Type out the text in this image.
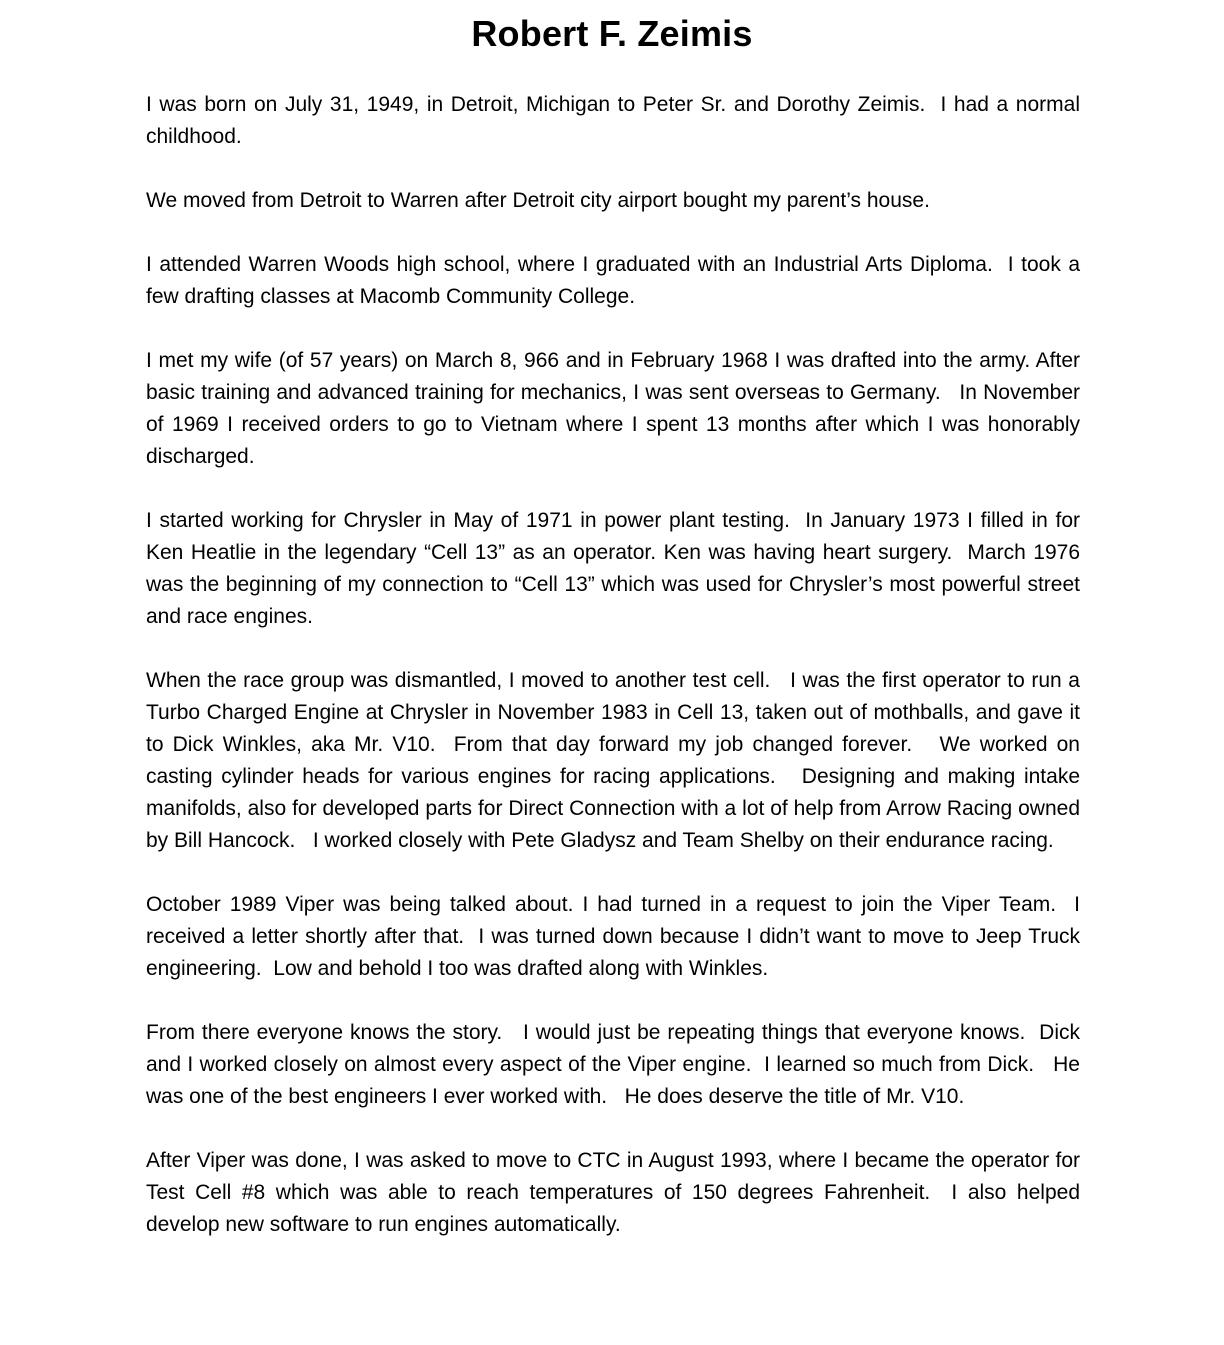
Robert F. Zeimis

I was born on July 31, 1949, in Detroit, Michigan to Peter Sr. and Dorothy Zeimis.  I had a normal childhood.

We moved from Detroit to Warren after Detroit city airport bought my parent’s house.

I attended Warren Woods high school, where I graduated with an Industrial Arts Diploma.  I took a few drafting classes at Macomb Community College.

I met my wife (of 57 years) on March 8, 966 and in February 1968 I was drafted into the army. After basic training and advanced training for mechanics, I was sent overseas to Germany.   In November of 1969 I received orders to go to Vietnam where I spent 13 months after which I was honorably discharged.

I started working for Chrysler in May of 1971 in power plant testing.  In January 1973 I filled in for Ken Heatlie in the legendary “Cell 13” as an operator. Ken was having heart surgery.  March 1976 was the beginning of my connection to “Cell 13” which was used for Chrysler’s most powerful street and race engines.

When the race group was dismantled, I moved to another test cell.   I was the first operator to run a Turbo Charged Engine at Chrysler in November 1983 in Cell 13, taken out of mothballs, and gave it to Dick Winkles, aka Mr. V10.  From that day forward my job changed forever.   We worked on casting cylinder heads for various engines for racing applications.   Designing and making intake manifolds, also for developed parts for Direct Connection with a lot of help from Arrow Racing owned by Bill Hancock.   I worked closely with Pete Gladysz and Team Shelby on their endurance racing.

October 1989 Viper was being talked about. I had turned in a request to join the Viper Team.  I received a letter shortly after that.  I was turned down because I didn’t want to move to Jeep Truck engineering.  Low and behold I too was drafted along with Winkles.

From there everyone knows the story.   I would just be repeating things that everyone knows.  Dick and I worked closely on almost every aspect of the Viper engine.  I learned so much from Dick.   He was one of the best engineers I ever worked with.   He does deserve the title of Mr. V10.

After Viper was done, I was asked to move to CTC in August 1993, where I became the operator for Test Cell #8 which was able to reach temperatures of 150 degrees Fahrenheit.  I also helped develop new software to run engines automatically.
